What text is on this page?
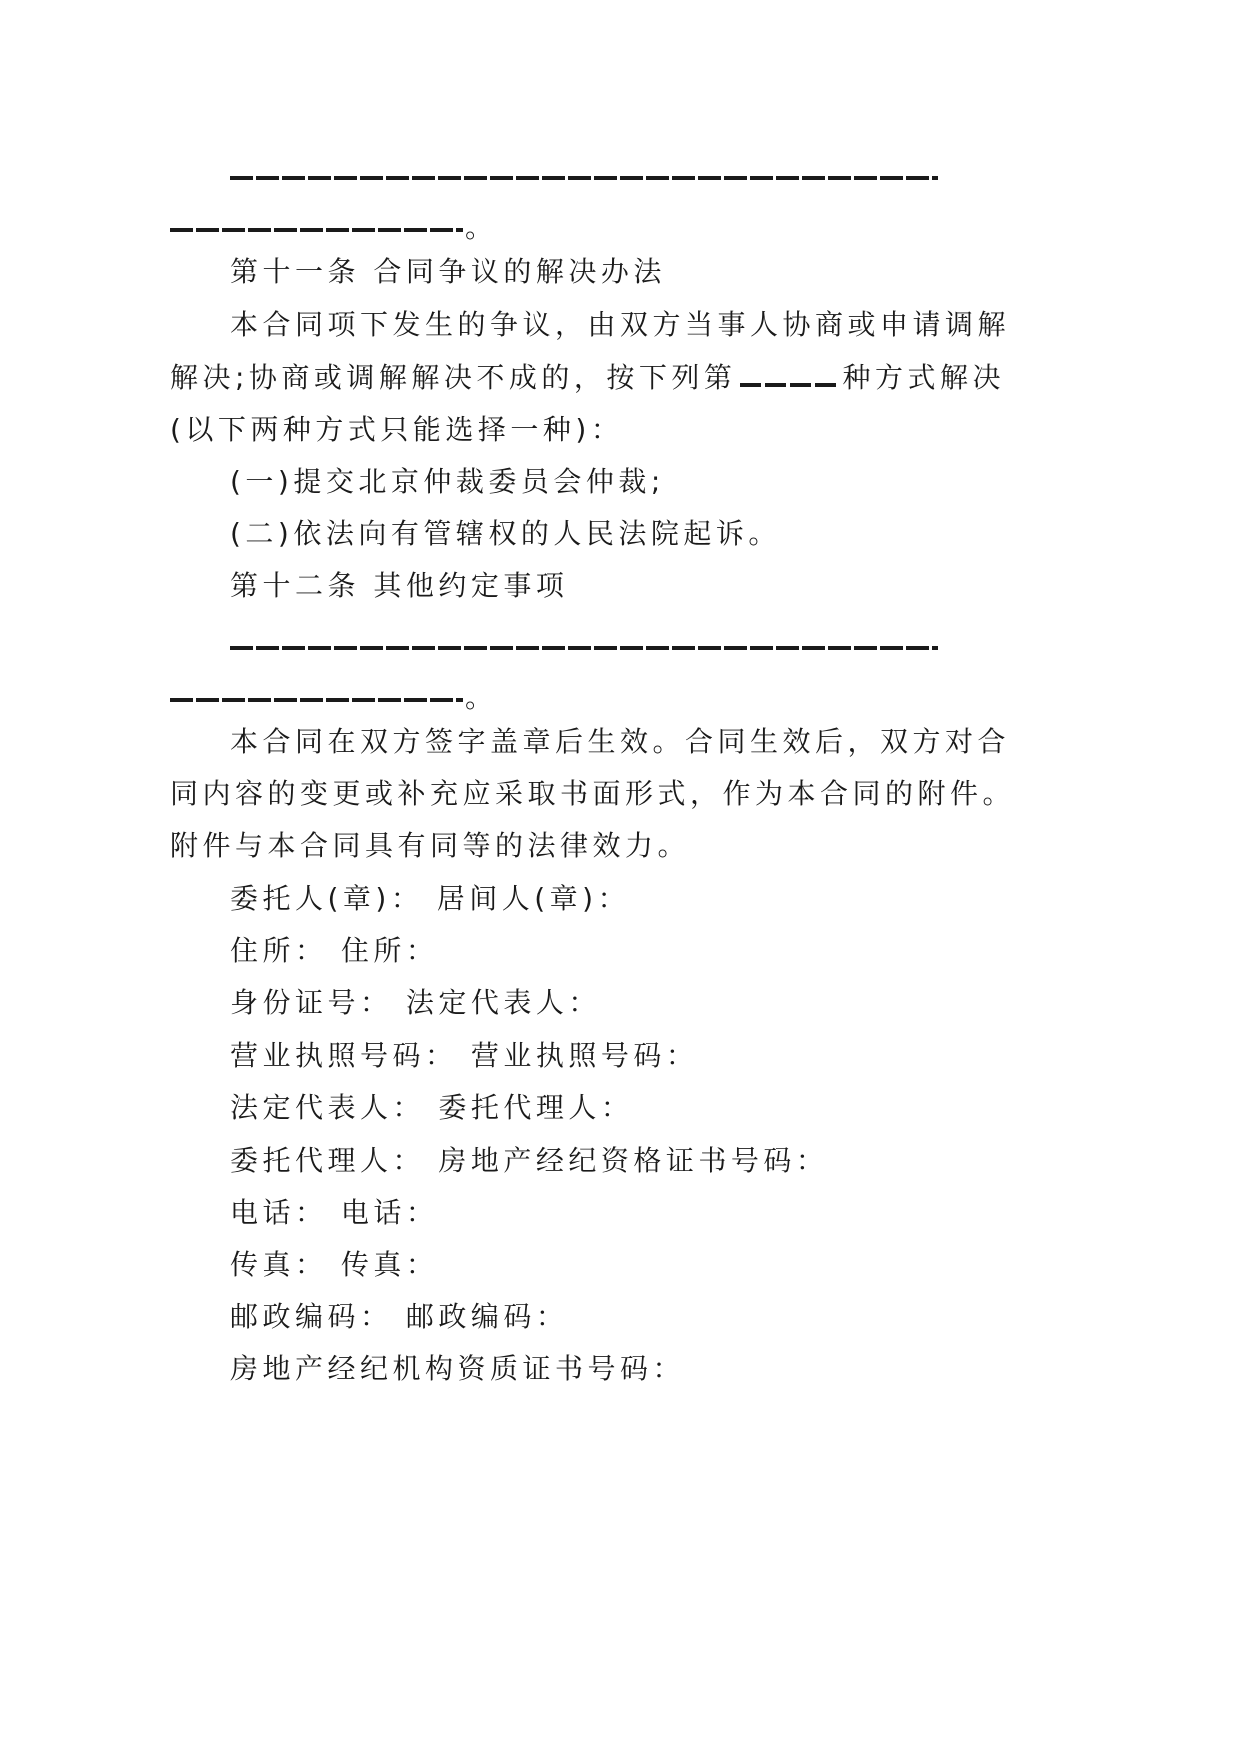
。
第十一条 合同争议的解决办法
本合同项下发生的争议，由双方当事人协商或申请调解
解决;协商或调解解决不成的，按下列第	种方式解决
(以下两种方式只能选择一种)：
(一)提交北京仲裁委员会仲裁;
(二)依法向有管辖权的人民法院起诉。
第十二条 其他约定事项
。
本合同在双方签字盖章后生效。合同生效后，双方对合
同内容的变更或补充应采取书面形式，作为本合同的附件。
附件与本合同具有同等的法律效力。
委托人(章)： 居间人(章)：
住所： 住所：
身份证号： 法定代表人：
营业执照号码： 营业执照号码：
法定代表人： 委托代理人：
委托代理人： 房地产经纪资格证书号码：
电话： 电话：
传真： 传真：
邮政编码： 邮政编码：
房地产经纪机构资质证书号码：
